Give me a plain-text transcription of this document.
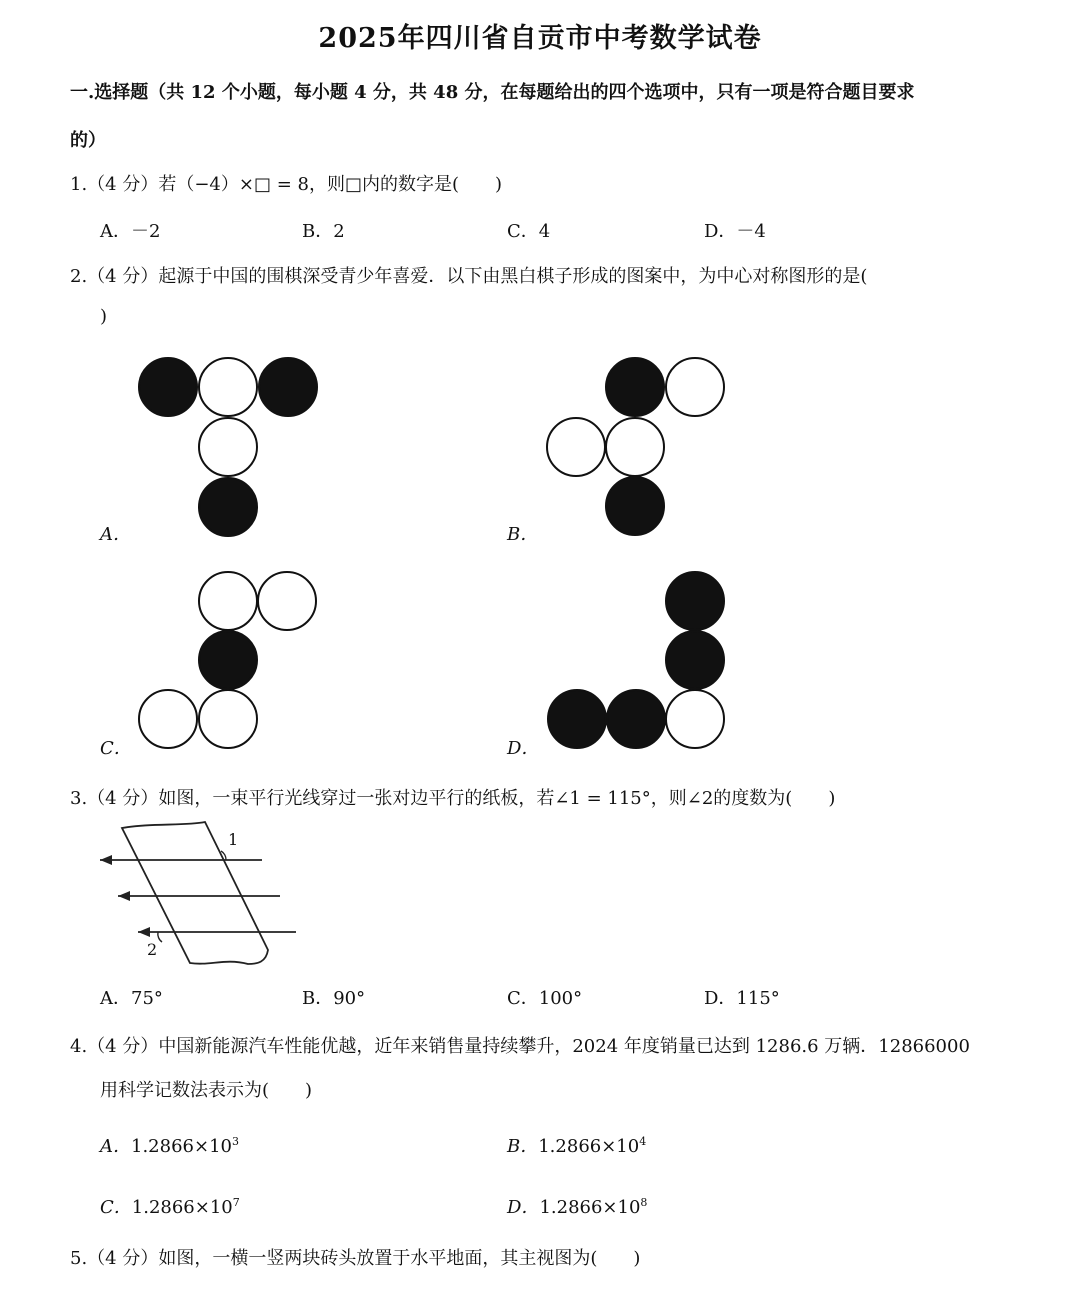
2025年四川省自贡市中考数学试卷
一.选择题（共 12 个小题，每小题 4 分，共 48 分，在每题给出的四个选项中，只有一项是符合题目要求
的）
1.（4 分）若（−4）×□ = 8，则□内的数字是(　　)
A．－2	B．2	C．4	D．－4
2.（4 分）起源于中国的围棋深受青少年喜爱．以下由黑白棋子形成的图案中，为中心对称图形的是(
)
A．	B．
C．	D．
3.（4 分）如图，一束平行光线穿过一张对边平行的纸板，若∠1 = 115°，则∠2的度数为(　　)
1
2
A．75°	B．90°	C．100°	D．115°
4.（4 分）中国新能源汽车性能优越，近年来销售量持续攀升，2024 年度销量已达到 1286.6 万辆．12866000
用科学记数法表示为(　　)
A．$1.2866\times 10^3$	B．$1.2866\times 10^4$
C．$1.2866\times 10^7$	D．$1.2866\times 10^8$
5.（4 分）如图，一横一竖两块砖头放置于水平地面，其主视图为(　　)
